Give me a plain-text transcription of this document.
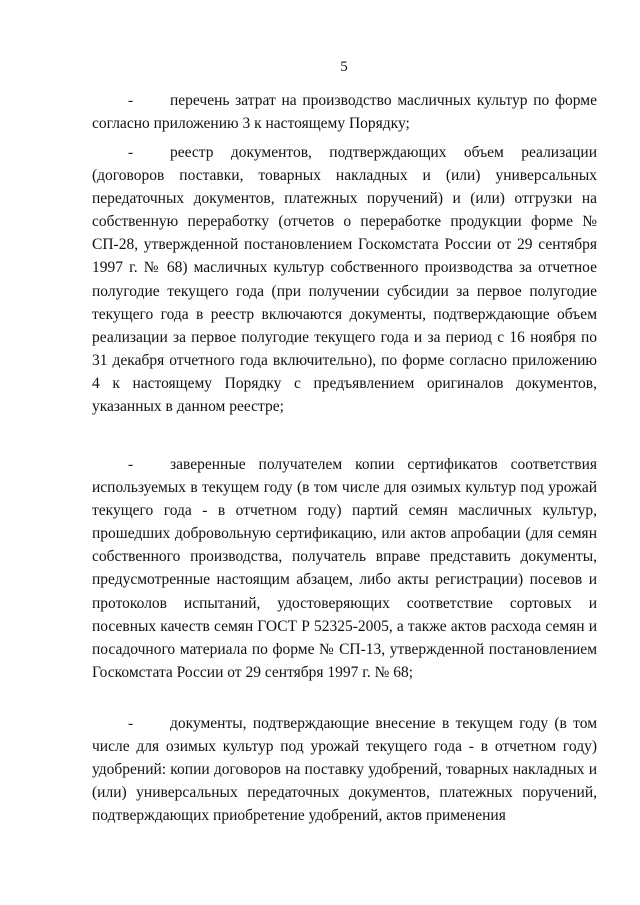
5
- перечень затрат на производство масличных культур по форме согласно приложению 3 к настоящему Порядку;
- реестр документов, подтверждающих объем реализации (договоров поставки, товарных накладных и (или) универсальных передаточных документов, платежных поручений) и (или) отгрузки на собственную переработку (отчетов о переработке продукции форме № СП-28, утвержденной постановлением Госкомстата России от 29 сентября 1997 г. № 68) масличных культур собственного производства за отчетное полугодие текущего года (при получении субсидии за первое полугодие текущего года в реестр включаются документы, подтверждающие объем реализации за первое полугодие текущего года и за период с 16 ноября по 31 декабря отчетного года включительно), по форме согласно приложению 4 к настоящему Порядку с предъявлением оригиналов документов, указанных в данном реестре;
- заверенные получателем копии сертификатов соответствия используемых в текущем году (в том числе для озимых культур под урожай текущего года - в отчетном году) партий семян масличных культур, прошедших добровольную сертификацию, или актов апробации (для семян собственного производства, получатель вправе представить документы, предусмотренные настоящим абзацем, либо акты регистрации) посевов и протоколов испытаний, удостоверяющих соответствие сортовых и посевных качеств семян ГОСТ Р 52325-2005, а также актов расхода семян и посадочного материала по форме № СП-13, утвержденной постановлением Госкомстата России от 29 сентября 1997 г. № 68;
- документы, подтверждающие внесение в текущем году (в том числе для озимых культур под урожай текущего года - в отчетном году) удобрений: копии договоров на поставку удобрений, товарных накладных и (или) универсальных передаточных документов, платежных поручений, подтверждающих приобретение удобрений, актов применения
